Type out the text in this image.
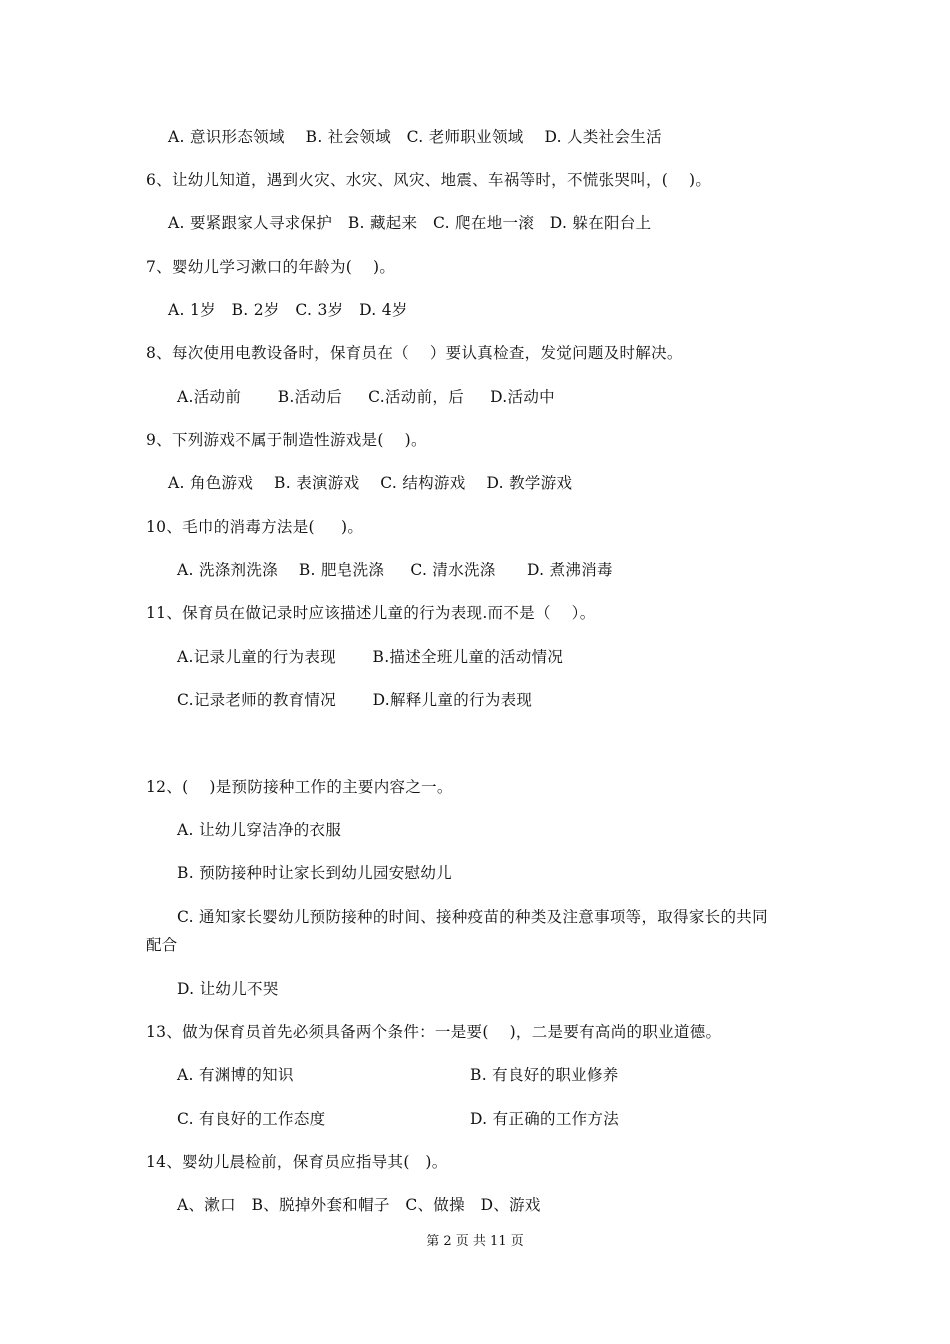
A. 意识形态领域    B. 社会领域   C. 老师职业领域    D. 人类社会生活
6、让幼儿知道，遇到火灾、水灾、风灾、地震、车祸等时，不慌张哭叫，(    )。
A. 要紧跟家人寻求保护   B. 藏起来   C. 爬在地一滚   D. 躲在阳台上
7、婴幼儿学习漱口的年龄为(    )。
A. 1岁   B. 2岁   C. 3岁   D. 4岁
8、每次使用电教设备时，保育员在（    ）要认真检查，发觉问题及时解决。
A.活动前       B.活动后     C.活动前，后     D.活动中
9、下列游戏不属于制造性游戏是(    )。
A. 角色游戏    B. 表演游戏    C. 结构游戏    D. 教学游戏
10、毛巾的消毒方法是(     )。
A. 洗涤剂洗涤    B. 肥皂洗涤     C. 清水洗涤      D. 煮沸消毒
11、保育员在做记录时应该描述儿童的行为表现.而不是（    ）。
A.记录儿童的行为表现       B.描述全班儿童的活动情况
C.记录老师的教育情况       D.解释儿童的行为表现
12、(    )是预防接种工作的主要内容之一。
A. 让幼儿穿洁净的衣服
B. 预防接种时让家长到幼儿园安慰幼儿
C. 通知家长婴幼儿预防接种的时间、接种疫苗的种类及注意事项等，取得家长的共同
配合
D. 让幼儿不哭
13、做为保育员首先必须具备两个条件：一是要(    )，二是要有高尚的职业道德。
A. 有渊博的知识	B. 有良好的职业修养
C. 有良好的工作态度	D. 有正确的工作方法
14、婴幼儿晨检前，保育员应指导其(   )。
A、漱口   B、脱掉外套和帽子   C、做操   D、游戏
第 2 页 共 11 页
